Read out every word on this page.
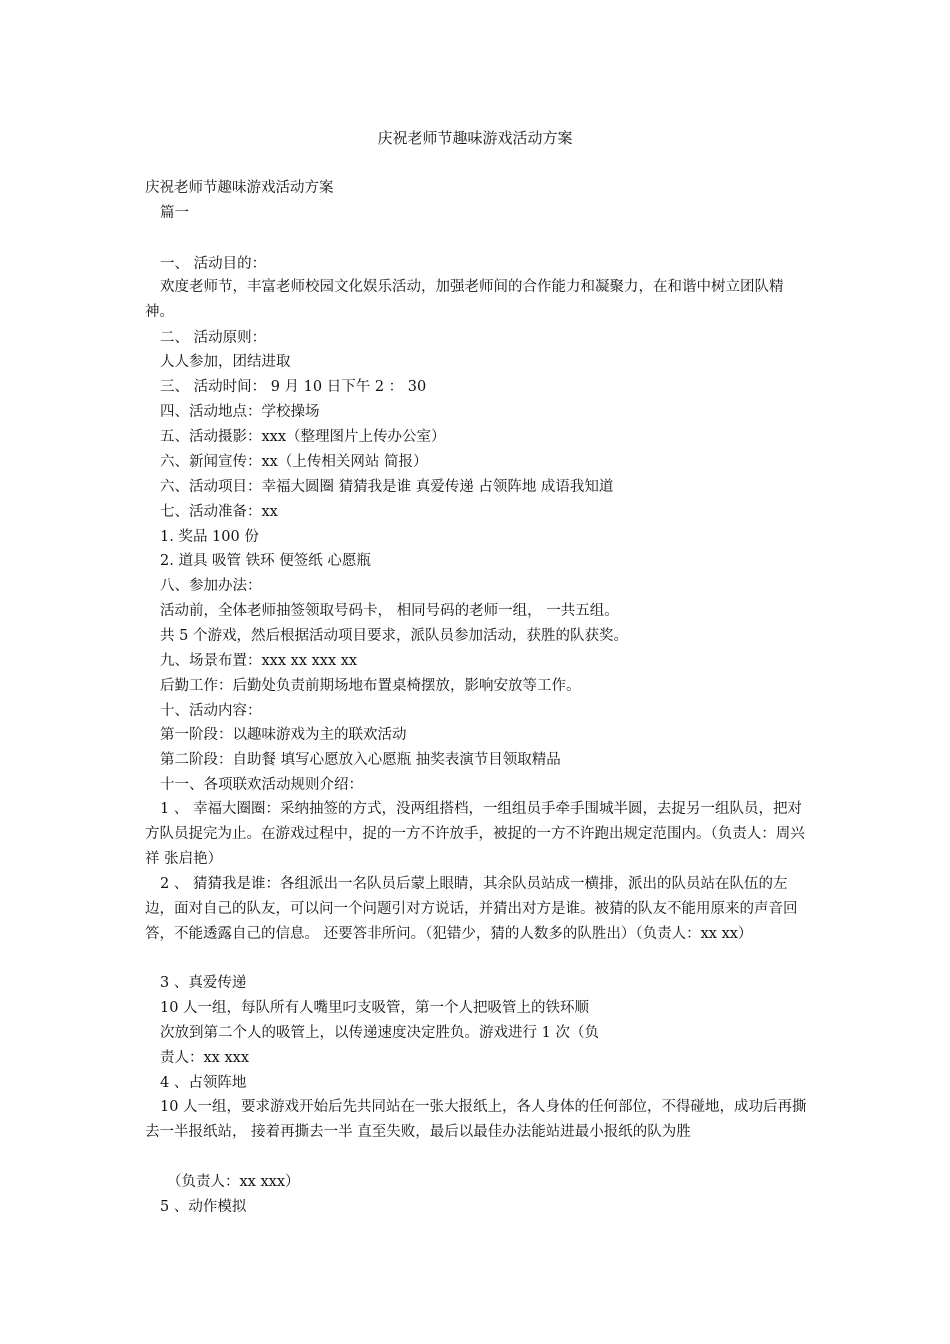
庆祝老师节趣味游戏活动方案
庆祝老师节趣味游戏活动方案
篇一
一、 活动目的：
欢度老师节，丰富老师校园文化娱乐活动，加强老师间的合作能力和凝聚力，在和谐中树立团队精神。
二、 活动原则：
人人参加，团结进取
三、 活动时间： 9 月 10 日下午 2 ： 30
四、活动地点：学校操场
五、活动摄影：xxx（整理图片上传办公室）
六、新闻宣传：xx（上传相关网站 简报）
六、活动项目：幸福大圆圈 猜猜我是谁 真爱传递 占领阵地 成语我知道
七、活动准备：xx
1. 奖品 100 份
2. 道具 吸管 铁环 便签纸 心愿瓶
八、参加办法：
活动前，全体老师抽签领取号码卡， 相同号码的老师一组， 一共五组。
共 5 个游戏，然后根据活动项目要求，派队员参加活动，获胜的队获奖。
九、场景布置：xxx xx xxx xx
后勤工作：后勤处负责前期场地布置桌椅摆放，影响安放等工作。
十、活动内容：
第一阶段：以趣味游戏为主的联欢活动
第二阶段：自助餐 填写心愿放入心愿瓶 抽奖表演节目领取精品
十一、各项联欢活动规则介绍：
1 、 幸福大圈圈：采纳抽签的方式，没两组搭档，一组组员手牵手围城半圆，去捉另一组队员，把对方队员捉完为止。在游戏过程中，捉的一方不许放手，被捉的一方不许跑出规定范围内。（负责人：周兴祥 张启艳）
2 、 猜猜我是谁：各组派出一名队员后蒙上眼睛，其余队员站成一横排，派出的队员站在队伍的左边，面对自己的队友，可以问一个问题引对方说话，并猜出对方是谁。被猜的队友不能用原来的声音回答，不能透露自己的信息。 还要答非所问。（犯错少，猜的人数多的队胜出）（负责人：xx xx）
3 、真爱传递
10 人一组，每队所有人嘴里叼支吸管，第一个人把吸管上的铁环顺
次放到第二个人的吸管上，以传递速度决定胜负。游戏进行 1 次（负
责人：xx xxx
4 、占领阵地
10 人一组，要求游戏开始后先共同站在一张大报纸上，各人身体的任何部位，不得碰地，成功后再撕去一半报纸站， 接着再撕去一半 直至失败，最后以最佳办法能站进最小报纸的队为胜
（负责人：xx xxx）
5 、动作模拟
